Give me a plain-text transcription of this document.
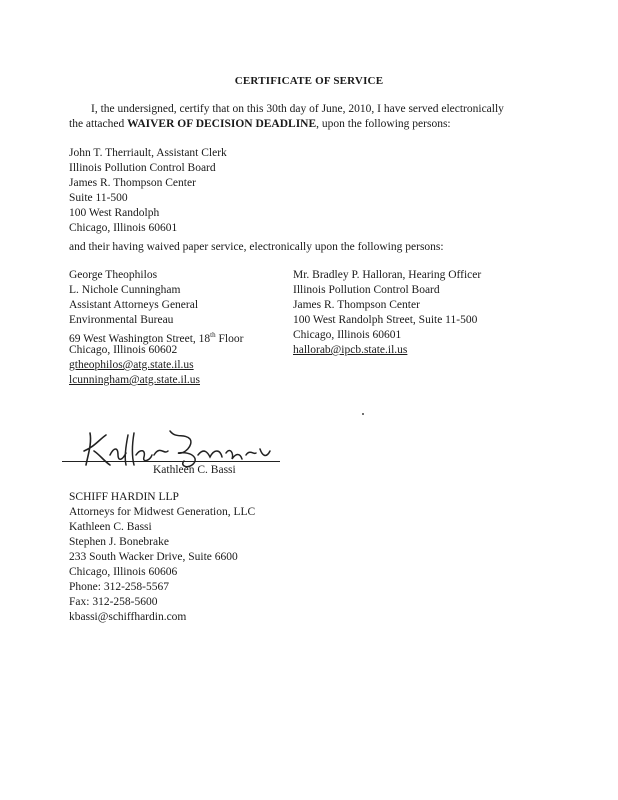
CERTIFICATE OF SERVICE
I, the undersigned, certify that on this 30th day of June, 2010, I have served electronically
the attached WAIVER OF DECISION DEADLINE, upon the following persons:
John T. Therriault, Assistant Clerk
Illinois Pollution Control Board
James R. Thompson Center
Suite 11-500
100 West Randolph
Chicago, Illinois 60601
and their having waived paper service, electronically upon the following persons:
George Theophilos
L. Nichole Cunningham
Assistant Attorneys General
Environmental Bureau
69 West Washington Street, 18th Floor
Chicago, Illinois 60602
gtheophilos@atg.state.il.us
lcunningham@atg.state.il.us
Mr. Bradley P. Halloran, Hearing Officer
Illinois Pollution Control Board
James R. Thompson Center
100 West Randolph Street, Suite 11-500
Chicago, Illinois 60601
hallorab@ipcb.state.il.us
Kathleen C. Bassi
SCHIFF HARDIN LLP
Attorneys for Midwest Generation, LLC
Kathleen C. Bassi
Stephen J. Bonebrake
233 South Wacker Drive, Suite 6600
Chicago, Illinois 60606
Phone: 312-258-5567
Fax: 312-258-5600
kbassi@schiffhardin.com
